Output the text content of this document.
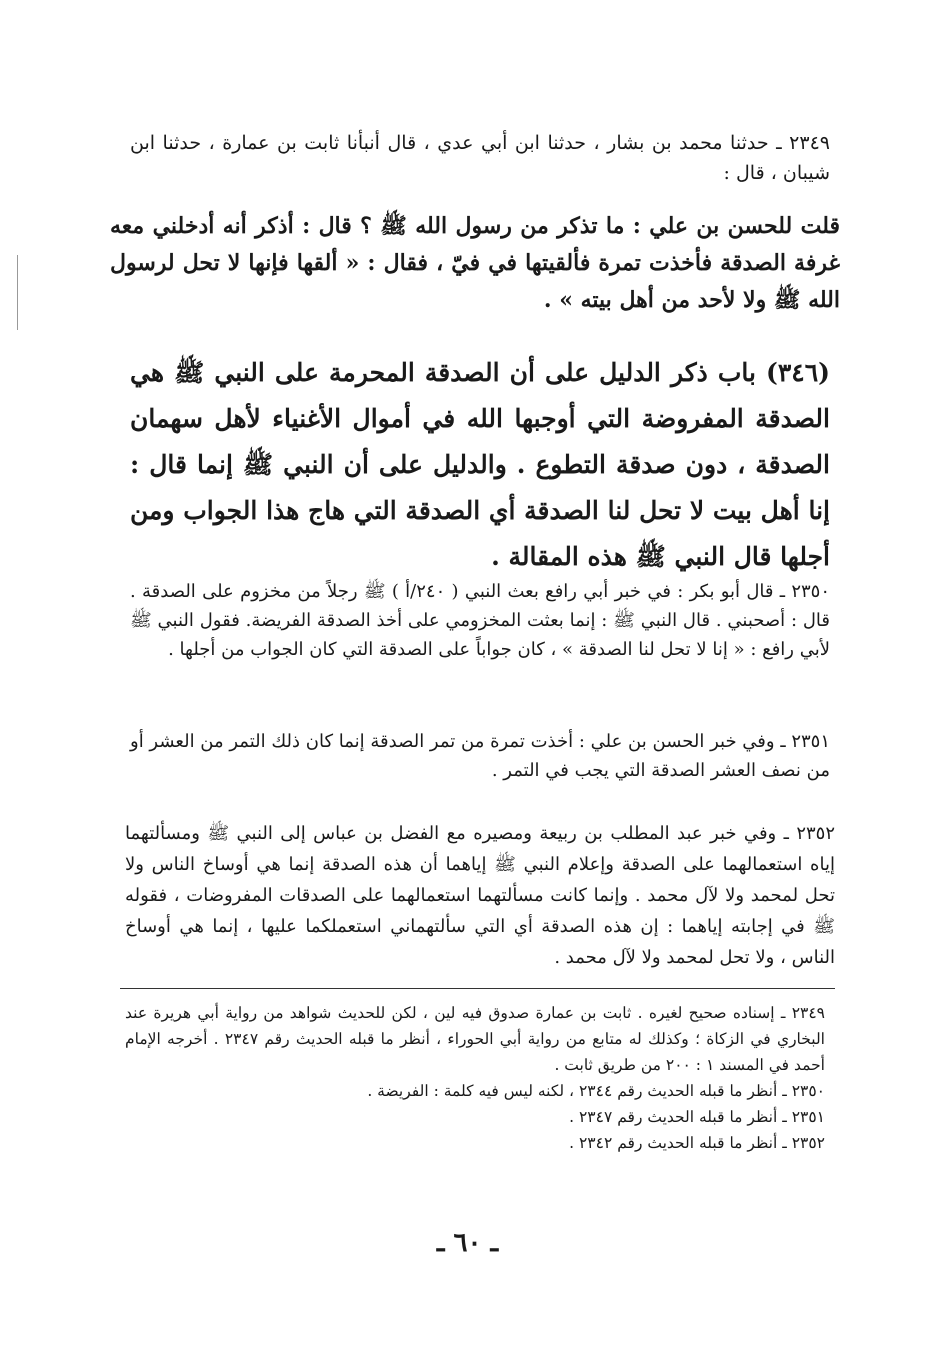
٢٣٤٩ ـ حدثنا محمد بن بشار ، حدثنا ابن أبي عدي ، قال أنبأنا ثابت بن عمارة ، حدثنا ابن شيبان ، قال :

قلت للحسن بن علي : ما تذكر من رسول الله ﷺ ؟ قال : أذكر أنه أدخلني معه غرفة الصدقة فأخذت تمرة فألقيتها في فيّ ، فقال : « ألقها فإنها لا تحل لرسول الله ﷺ ولا لأحد من أهل بيته » .

(٣٤٦) باب ذكر الدليل على أن الصدقة المحرمة على النبي ﷺ هي الصدقة المفروضة التي أوجبها الله في أموال الأغنياء لأهل سهمان الصدقة ، دون صدقة التطوع . والدليل على أن النبي ﷺ إنما قال : إنا أهل بيت لا تحل لنا الصدقة أي الصدقة التي هاج هذا الجواب ومن أجلها قال النبي ﷺ هذه المقالة .

٢٣٥٠ ـ قال أبو بكر : في خبر أبي رافع بعث النبي ( ٢٤٠/أ ) ﷺ رجلاً من مخزوم على الصدقة . قال : أصحبني . قال النبي ﷺ : إنما بعثت المخزومي على أخذ الصدقة الفريضة. فقول النبي ﷺ لأبي رافع : « إنا لا تحل لنا الصدقة » ، كان جواباً على الصدقة التي كان الجواب من أجلها .

٢٣٥١ ـ وفي خبر الحسن بن علي : أخذت تمرة من تمر الصدقة إنما كان ذلك التمر من العشر أو من نصف العشر الصدقة التي يجب في التمر .

٢٣٥٢ ـ وفي خبر عبد المطلب بن ربيعة ومصيره مع الفضل بن عباس إلى النبي ﷺ ومسألتهما إياه استعمالهما على الصدقة وإعلام النبي ﷺ إياهما أن هذه الصدقة إنما هي أوساخ الناس ولا تحل لمحمد ولا لآل محمد . وإنما كانت مسألتهما استعمالهما على الصدقات المفروضات ، فقوله ﷺ في إجابته إياهما : إن هذه الصدقة أي التي سألتهماني استعملكما عليها ، إنما هي أوساخ الناس ، ولا تحل لمحمد ولا لآل محمد .

٢٣٤٩ ـ إسناده صحيح لغيره . ثابت بن عمارة صدوق فيه لين ، لكن للحديث شواهد من رواية أبي هريرة عند البخاري في الزكاة ؛ وكذلك له متابع من رواية أبي الحوراء ، أنظر ما قبله الحديث رقم ٢٣٤٧ . أخرجه الإمام أحمد في المسند ١ : ٢٠٠ من طريق ثابت .
٢٣٥٠ ـ أنظر ما قبله الحديث رقم ٢٣٤٤ ، لكنه ليس فيه كلمة : الفريضة .
٢٣٥١ ـ أنظر ما قبله الحديث رقم ٢٣٤٧ .
٢٣٥٢ ـ أنظر ما قبله الحديث رقم ٢٣٤٢ .
ـ ٦٠ ـ
